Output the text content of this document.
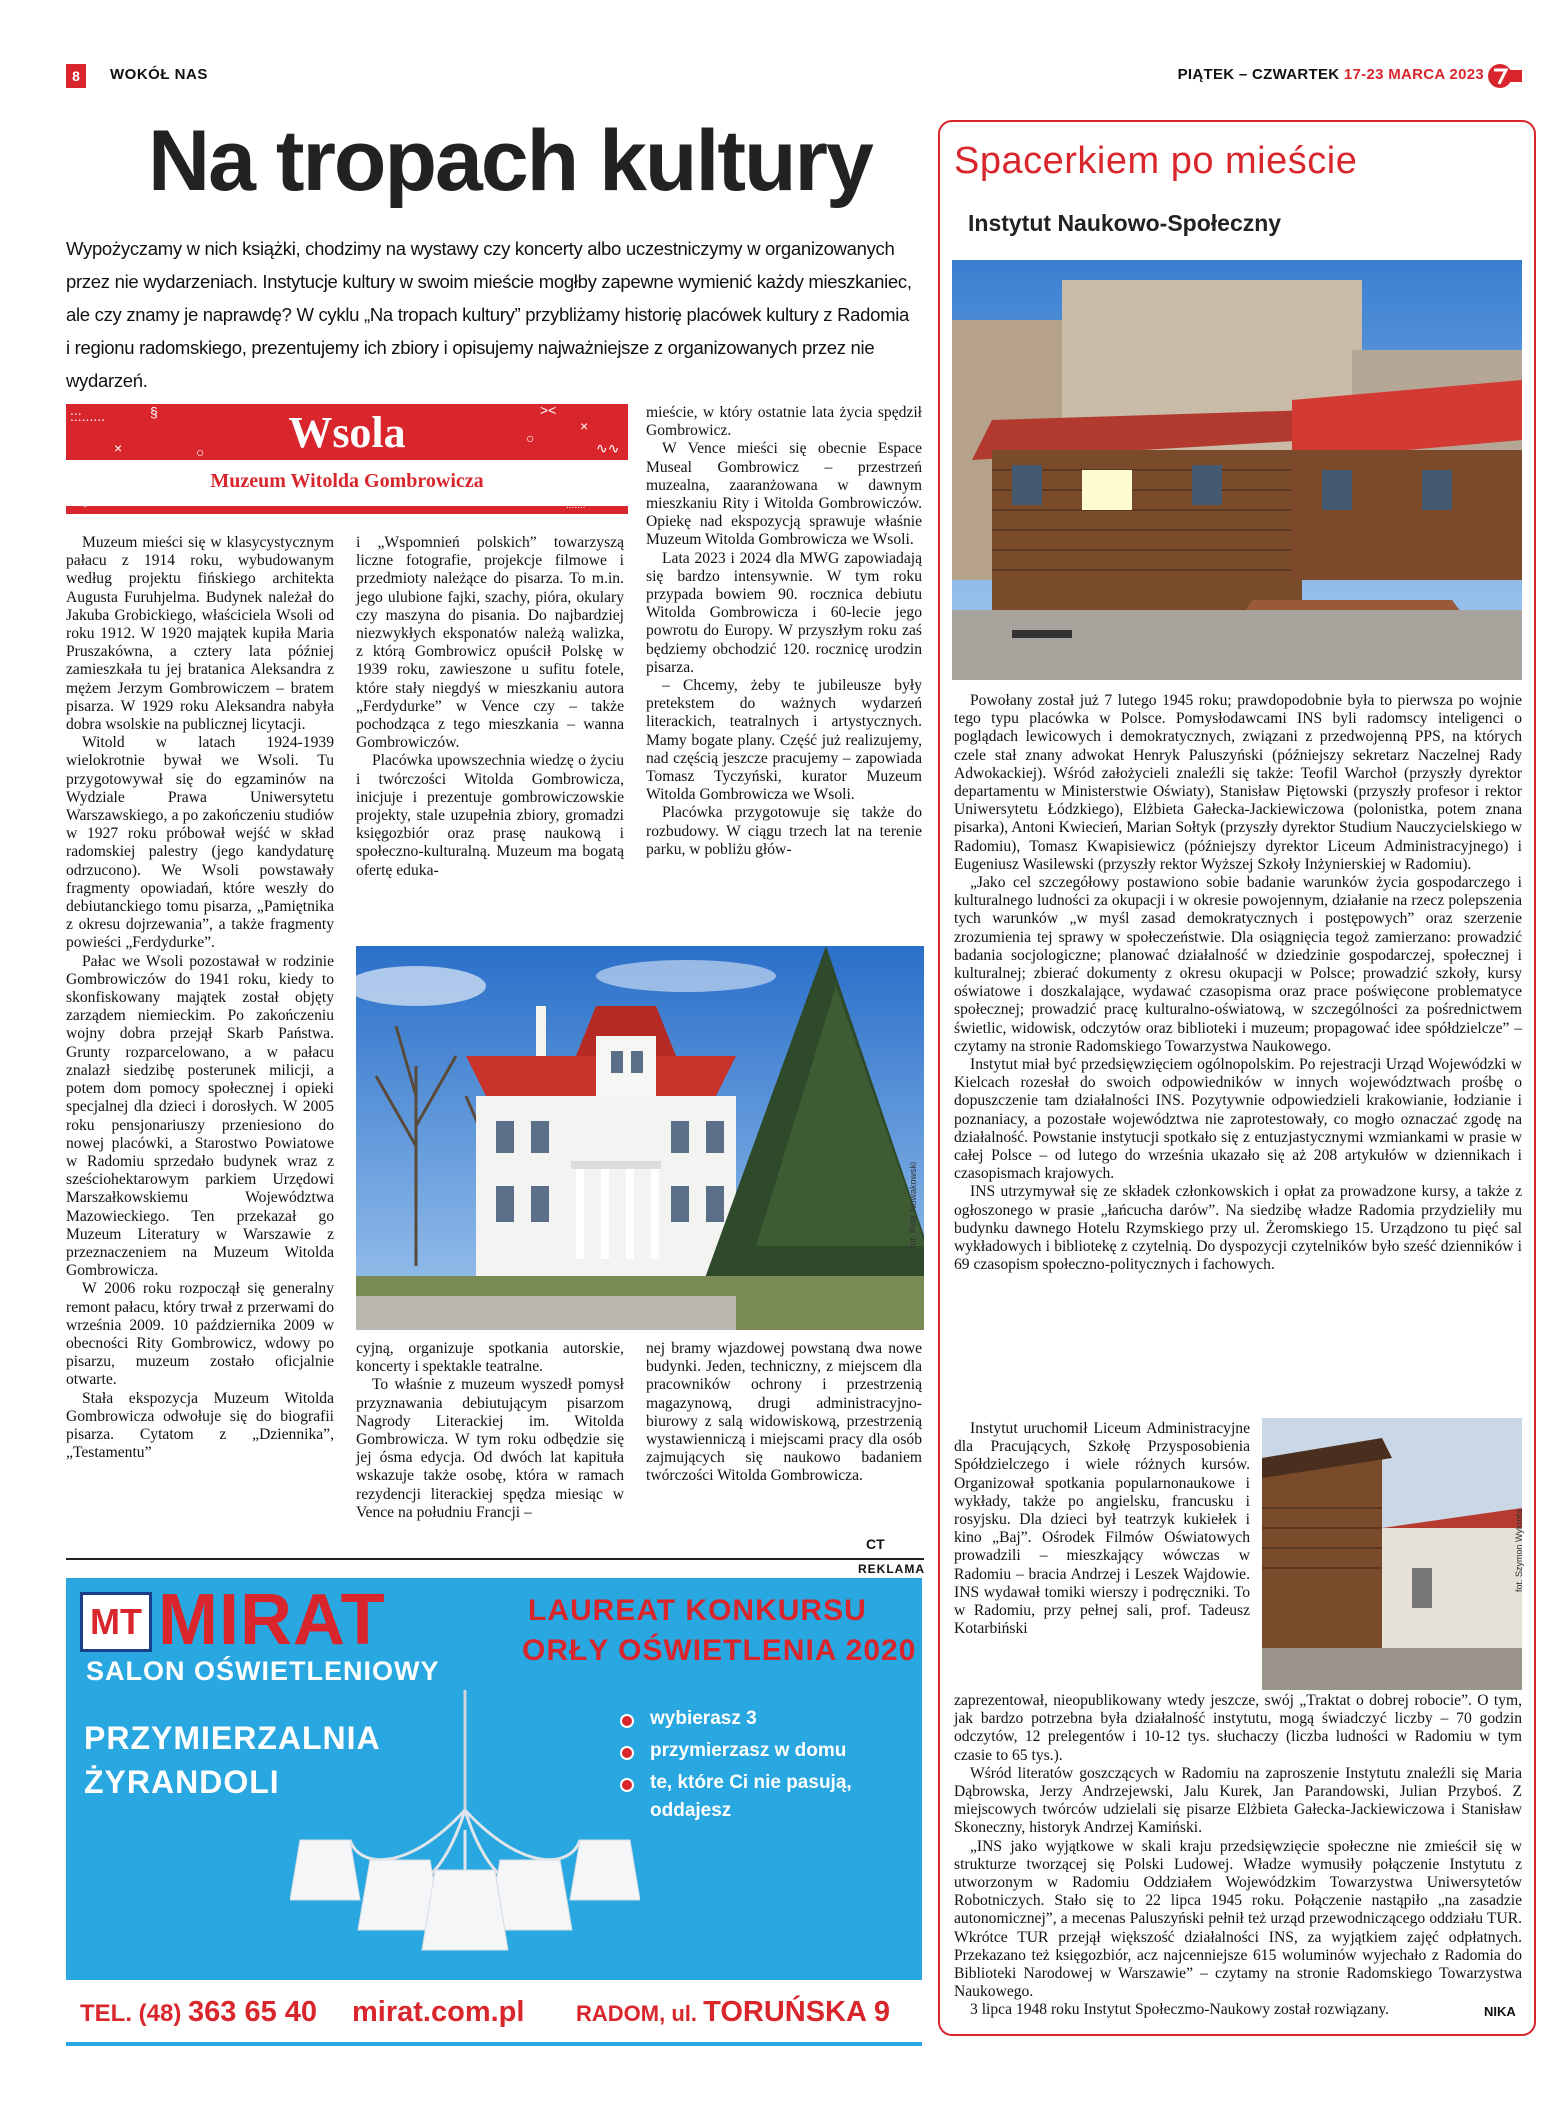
8	WOKÓŁ NAS	PIĄTEK – CZWARTEK 17-23 MARCA 2023
Na tropach kultury
Wypożyczamy w nich książki, chodzimy na wystawy czy koncerty albo uczestniczymy w organizowanych przez nie wydarzeniach. Instytucje kultury w swoim mieście mogłby zapewne wymienić każdy mieszkaniec, ale czy znamy je naprawdę? W cyklu „Na tropach kultury” przybliżamy historię placówek kultury z Radomia i regionu radomskiego, prezentujemy ich zbiory i opisujemy najważniejsze z organizowanych przez nie wydarzeń.
:::......
×
§
○
><
○
×
∿∿
Wsola
Muzeum Witolda Gombrowicza
○	.......

Muzeum mieści się w klasycystycznym pałacu z 1914 roku, wybudowanym według projektu fińskiego architekta Augusta Furuhjelma. Budynek należał do Jakuba Grobickiego, właściciela Wsoli od roku 1912. W 1920 majątek kupiła Maria Pruszakówna, a cztery lata później zamieszkała tu jej bratanica Aleksandra z mężem Jerzym Gombrowiczem – bratem pisarza. W 1929 roku Aleksandra nabyła dobra wsolskie na publicznej licytacji.

Witold w latach 1924-1939 wielokrotnie bywał we Wsoli. Tu przygotowywał się do egzaminów na Wydziale Prawa Uniwersytetu Warszawskiego, a po zakończeniu studiów w 1927 roku próbował wejść w skład radomskiej palestry (jego kandydaturę odrzucono). We Wsoli powstawały fragmenty opowiadań, które weszły do debiutanckiego tomu pisarza, „Pamiętnika z okresu dojrzewania”, a także fragmenty powieści „Ferdydurke”.

Pałac we Wsoli pozostawał w rodzinie Gombrowiczów do 1941 roku, kiedy to skonfiskowany majątek został objęty zarządem niemieckim. Po zakończeniu wojny dobra przejął Skarb Państwa. Grunty rozparcelowano, a w pałacu znalazł siedzibę posterunek milicji, a potem dom pomocy społecznej i opieki specjalnej dla dzieci i dorosłych. W 2005 roku pensjonariuszy przeniesiono do nowej placówki, a Starostwo Powiatowe w Radomiu sprzedało budynek wraz z sześciohektarowym parkiem Urzędowi Marszałkowskiemu Województwa Mazowieckiego. Ten przekazał go Muzeum Literatury w Warszawie z przeznaczeniem na Muzeum Witolda Gombrowicza.

W 2006 roku rozpoczął się generalny remont pałacu, który trwał z przerwami do września 2009. 10 października 2009 w obecności Rity Gombrowicz, wdowy po pisarzu, muzeum zostało oficjalnie otwarte.

Stała ekspozycja Muzeum Witolda Gombrowicza odwołuje się do biografii pisarza. Cytatom z „Dziennika”, „Testamentu”

i „Wspomnień polskich” towarzyszą liczne fotografie, projekcje filmowe i przedmioty należące do pisarza. To m.in. jego ulubione fajki, szachy, pióra, okulary czy maszyna do pisania. Do najbardziej niezwykłych eksponatów należą walizka, z którą Gombrowicz opuścił Polskę w 1939 roku, zawieszone u sufitu fotele, które stały niegdyś w mieszkaniu autora „Ferdydurke” w Vence czy – także pochodząca z tego mieszkania – wanna Gombrowiczów.

Placówka upowszechnia wiedzę o życiu i twórczości Witolda Gombrowicza, inicjuje i prezentuje gombrowiczowskie projekty, stale uzupełnia zbiory, gromadzi księgozbiór oraz prasę naukową i społeczno-kulturalną. Muzeum ma bogatą ofertę eduka-

mieście, w który ostatnie lata życia spędził Gombrowicz.

W Vence mieści się obecnie Espace Museal Gombrowicz – przestrzeń muzealna, zaaranżowana w dawnym mieszkaniu Rity i Witolda Gombrowiczów. Opiekę nad ekspozycją sprawuje właśnie Muzeum Witolda Gombrowicza we Wsoli.

Lata 2023 i 2024 dla MWG zapowiadają się bardzo intensywnie. W tym roku przypada bowiem 90. rocznica debiutu Witolda Gombrowicza i 60-lecie jego powrotu do Europy. W przyszłym roku zaś będziemy obchodzić 120. rocznicę urodzin pisarza.

– Chcemy, żeby te jubileusze były pretekstem do ważnych wydarzeń literackich, teatralnych i artystycznych. Mamy bogate plany. Część już realizujemy, nad częścią jeszcze pracujemy – zapowiada Tomasz Tyczyński, kurator Muzeum Witolda Gombrowicza we Wsoli.

Placówka przygotowuje się także do rozbudowy. W ciągu trzech lat na terenie parku, w pobliżu głów-

fot. Piotr Nowakowski

cyjną, organizuje spotkania autorskie, koncerty i spektakle teatralne.

To właśnie z muzeum wyszedł pomysł przyznawania debiutującym pisarzom Nagrody Literackiej im. Witolda Gombrowicza. W tym roku odbędzie się jej ósma edycja. Od dwóch lat kapituła wskazuje także osobę, która w ramach rezydencji literackiej spędza miesiąc w Vence na południu Francji –

nej bramy wjazdowej powstaną dwa nowe budynki. Jeden, techniczny, z miejscem dla pracowników ochrony i przestrzenią magazynową, drugi administracyjno-biurowy z salą widowiskową, przestrzenią wystawienniczą i miejscami pracy dla osób zajmujących się naukowo badaniem twórczości Witolda Gombrowicza.

CT
REKLAMA
MT MIRAT
SALON OŚWIETLENIOWY
LAUREAT KONKURSU
ORŁY OŚWIETLENIA 2020
PRZYMIERZALNIA
ŻYRANDOLI
wybierasz 3
przymierzasz w domu
te, które Ci nie pasują,
oddajesz
TEL. (48) 363 65 40 mirat.com.pl RADOM, ul. TORUŃSKA 9
Spacerkiem po mieście
Instytut Naukowo-Społeczny

Powołany został już 7 lutego 1945 roku; prawdopodobnie była to pierwsza po wojnie tego typu placówka w Polsce. Pomysłodawcami INS byli radomscy inteligenci o poglądach lewicowych i demokratycznych, związani z przedwojenną PPS, na których czele stał znany adwokat Henryk Paluszyński (późniejszy sekretarz Naczelnej Rady Adwokackiej). Wśród założycieli znaleźli się także: Teofil Warchoł (przyszły dyrektor departamentu w Ministerstwie Oświaty), Stanisław Piętowski (przyszły profesor i rektor Uniwersytetu Łódzkiego), Elżbieta Gałecka-Jackiewiczowa (polonistka, potem znana pisarka), Antoni Kwiecień, Marian Sołtyk (przyszły dyrektor Studium Nauczycielskiego w Radomiu), Tomasz Kwapisiewicz (późniejszy dyrektor Liceum Administracyjnego) i Eugeniusz Wasilewski (przyszły rektor Wyższej Szkoły Inżynierskiej w Radomiu).

„Jako cel szczegółowy postawiono sobie badanie warunków życia gospodarczego i kulturalnego ludności za okupacji i w okresie powojennym, działanie na rzecz polepszenia tych warunków „w myśl zasad demokratycznych i postępowych” oraz szerzenie zrozumienia tej sprawy w społeczeństwie. Dla osiągnięcia tegoż zamierzano: prowadzić badania socjologiczne; planować działalność w dziedzinie gospodarczej, społecznej i kulturalnej; zbierać dokumenty z okresu okupacji w Polsce; prowadzić szkoły, kursy oświatowe i doszkalające, wydawać czasopisma oraz prace poświęcone problematyce społecznej; prowadzić pracę kulturalno-oświatową, w szczególności za pośrednictwem świetlic, widowisk, odczytów oraz biblioteki i muzeum; propagować idee spółdzielcze” – czytamy na stronie Radomskiego Towarzystwa Naukowego.

Instytut miał być przedsięwzięciem ogólnopolskim. Po rejestracji Urząd Wojewódzki w Kielcach rozesłał do swoich odpowiedników w innych województwach prośbę o dopuszczenie tam działalności INS. Pozytywnie odpowiedzieli krakowianie, łodzianie i poznaniacy, a pozostałe województwa nie zaprotestowały, co mogło oznaczać zgodę na działalność. Powstanie instytucji spotkało się z entuzjastycznymi wzmiankami w prasie w całej Polsce – od lutego do września ukazało się aż 208 artykułów w dziennikach i czasopismach krajowych.

INS utrzymywał się ze składek członkowskich i opłat za prowadzone kursy, a także z ogłoszonego w prasie „łańcucha darów”. Na siedzibę władze Radomia przydzieliły mu budynku dawnego Hotelu Rzymskiego przy ul. Żeromskiego 15. Urządzono tu pięć sal wykładowych i bibliotekę z czytelnią. Do dyspozycji czytelników było sześć dzienników i 69 czasopism społeczno-politycznych i fachowych.

Instytut uruchomił Liceum Administracyjne dla Pracujących, Szkołę Przysposobienia Spółdzielczego i wiele różnych kursów. Organizował spotkania popularnonaukowe i wykłady, także po angielsku, francusku i rosyjsku. Dla dzieci był teatrzyk kukiełek i kino „Baj”. Ośrodek Filmów Oświatowych prowadzili – mieszkający wówczas w Radomiu – bracia Andrzej i Leszek Wajdowie. INS wydawał tomiki wierszy i podręczniki. To w Radomiu, przy pełnej sali, prof. Tadeusz Kotarbiński

fot. Szymon Wykrota

zaprezentował, nieopublikowany wtedy jeszcze, swój „Traktat o dobrej robocie”. O tym, jak bardzo potrzebna była działalność instytutu, mogą świadczyć liczby – 70 godzin odczytów, 12 prelegentów i 10-12 tys. słuchaczy (liczba ludności w Radomiu w tym czasie to 65 tys.).

Wśród literatów goszczących w Radomiu na zaproszenie Instytutu znaleźli się Maria Dąbrowska, Jerzy Andrzejewski, Jalu Kurek, Jan Parandowski, Julian Przyboś. Z miejscowych twórców udzielali się pisarze Elżbieta Gałecka-Jackiewiczowa i Stanisław Skoneczny, historyk Andrzej Kamiński.

„INS jako wyjątkowe w skali kraju przedsięwzięcie społeczne nie zmieścił się w strukturze tworzącej się Polski Ludowej. Władze wymusiły połączenie Instytutu z utworzonym w Radomiu Oddziałem Wojewódzkim Towarzystwa Uniwersytetów Robotniczych. Stało się to 22 lipca 1945 roku. Połączenie nastąpiło „na zasadzie autonomicznej”, a mecenas Paluszyński pełnił też urząd przewodniczącego oddziału TUR. Wkrótce TUR przejął większość działalności INS, za wyjątkiem zajęć odpłatnych. Przekazano też księgozbiór, acz najcenniejsze 615 woluminów wyjechało z Radomia do Biblioteki Narodowej w Warszawie” – czytamy na stronie Radomskiego Towarzystwa Naukowego.

3 lipca 1948 roku Instytut Społeczmo-Naukowy został rozwiązany.	NIKA
